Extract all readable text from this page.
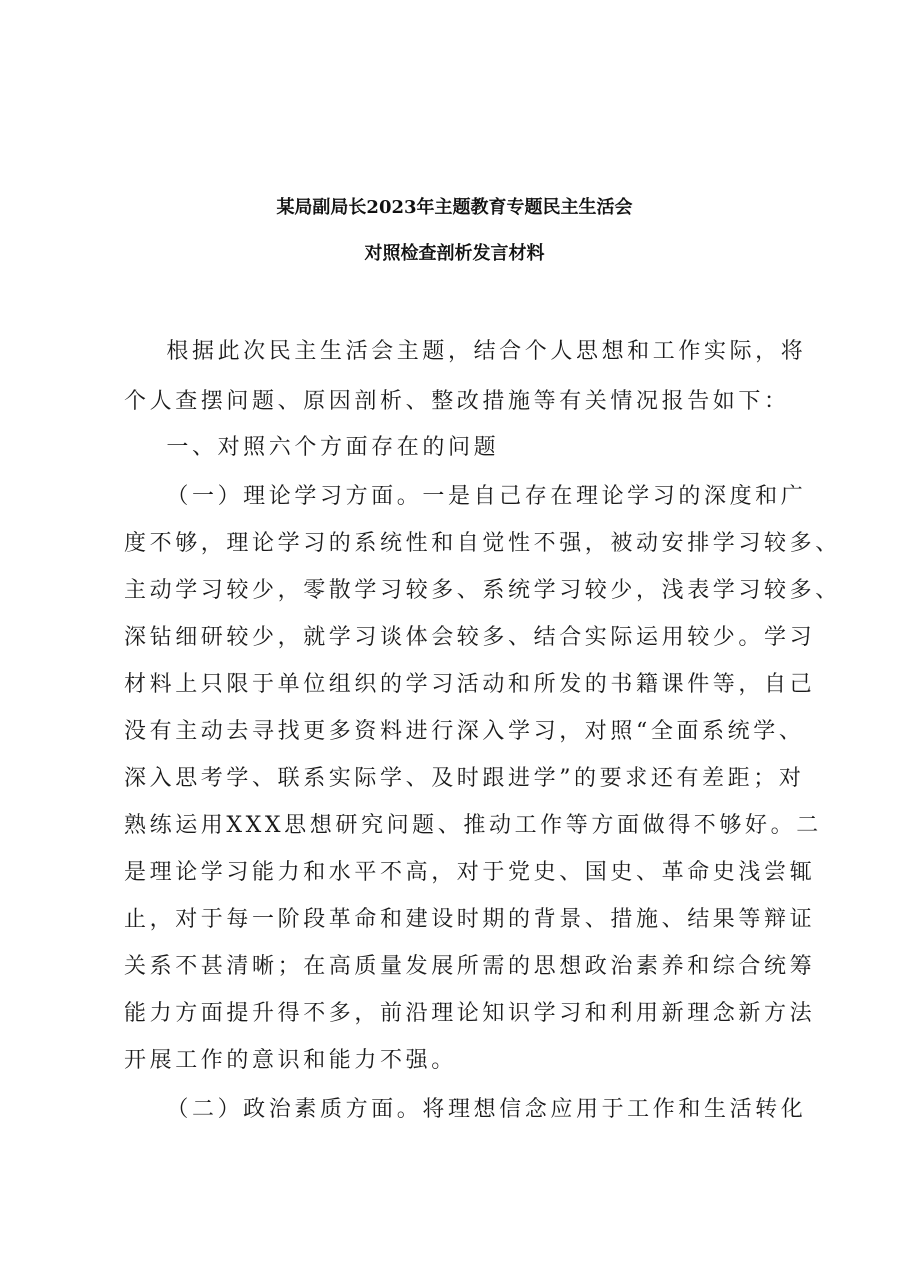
某局副局长2023年主题教育专题民主生活会
对照检查剖析发言材料
根据此次民主生活会主题，结合个人思想和工作实际，将
个人查摆问题、原因剖析、整改措施等有关情况报告如下：
一、对照六个方面存在的问题
（一）理论学习方面。一是自己存在理论学习的深度和广
度不够，理论学习的系统性和自觉性不强，被动安排学习较多、
主动学习较少，零散学习较多、系统学习较少，浅表学习较多、
深钻细研较少，就学习谈体会较多、结合实际运用较少。学习
材料上只限于单位组织的学习活动和所发的书籍课件等，自己
没有主动去寻找更多资料进行深入学习，对照“全面系统学、
深入思考学、联系实际学、及时跟进学”的要求还有差距；对
熟练运用XXX思想研究问题、推动工作等方面做得不够好。二
是理论学习能力和水平不高，对于党史、国史、革命史浅尝辄
止，对于每一阶段革命和建设时期的背景、措施、结果等辩证
关系不甚清晰；在高质量发展所需的思想政治素养和综合统筹
能力方面提升得不多，前沿理论知识学习和利用新理念新方法
开展工作的意识和能力不强。
（二）政治素质方面。将理想信念应用于工作和生活转化
